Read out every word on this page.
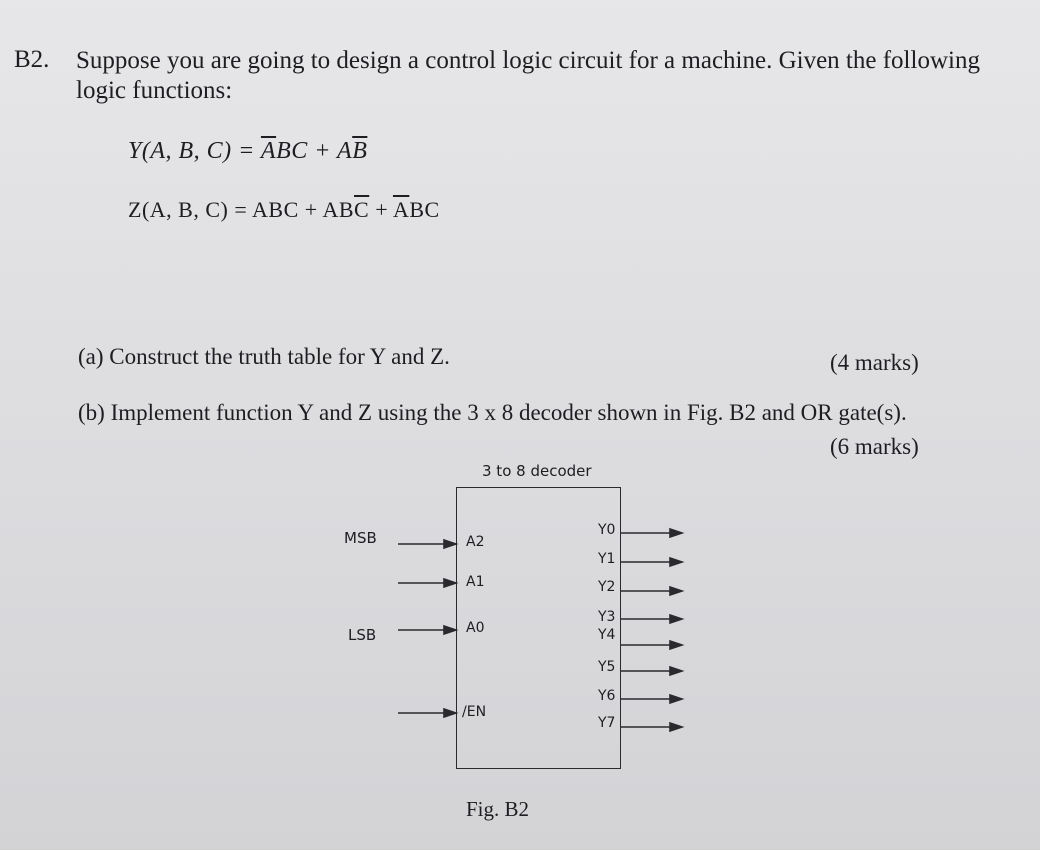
B2. Suppose you are going to design a control logic circuit for a machine. Given the following logic functions:
Y(A, B, $C) = \overline{A}BC + A\overline{B}$
Z(A, B, C) = ABC + $AB\overline{C} + \overline{A}BC$
(a) Construct the truth table for Y and Z.	(4 marks)
(b) Implement function Y and Z using the 3 x 8 decoder shown in Fig. B2 and OR gate(s).
(6 marks)
3 to 8 decoder
MSB
LSB
A2
A1
A0
/EN
Y0
Y1
Y2
Y3
Y4
Y5
Y6
Y7
Fig. B2
